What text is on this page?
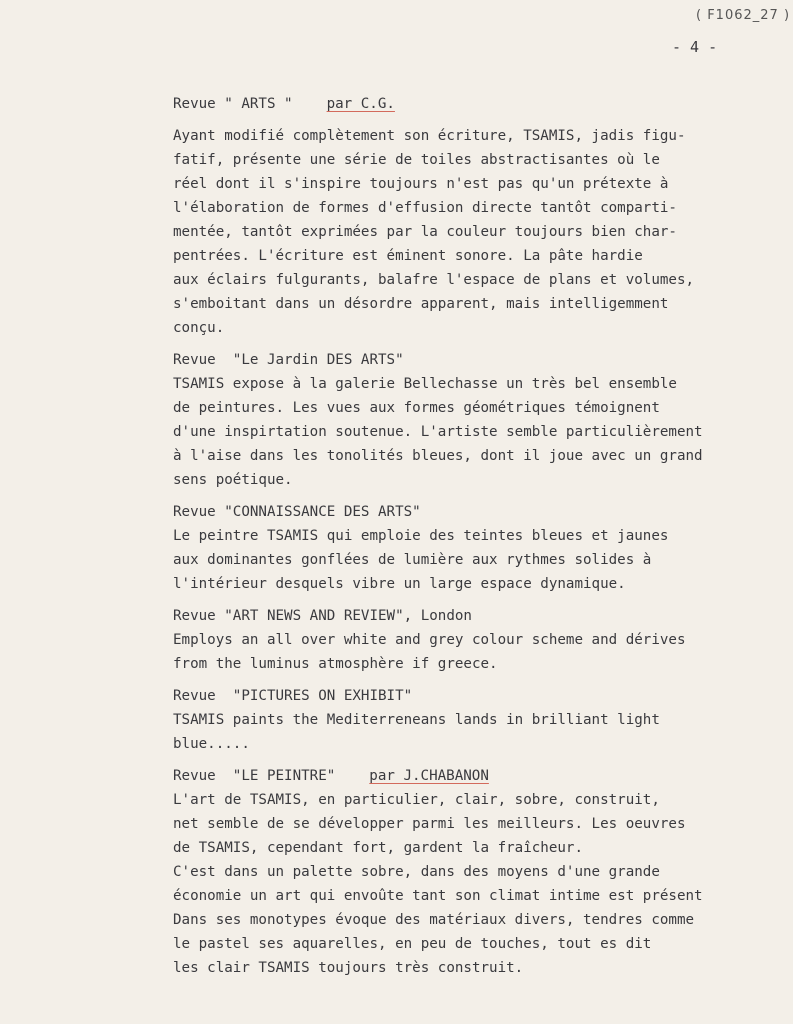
( F1062_27 )
- 4 -
Revue " ARTS " par C.G.
Ayant modifié complètement son écriture, TSAMIS, jadis figu-
fatif, présente une série de toiles abstractisantes où le
réel dont il s'inspire toujours n'est pas qu'un prétexte à
l'élaboration de formes d'effusion directe tantôt comparti-
mentée, tantôt exprimées par la couleur toujours bien char-
pentrées. L'écriture est éminent sonore. La pâte hardie
aux éclairs fulgurants, balafre l'espace de plans et volumes,
s'emboitant dans un désordre apparent, mais intelligemment
conçu.
Revue  "Le Jardin DES ARTS"
TSAMIS expose à la galerie Bellechasse un très bel ensemble
de peintures. Les vues aux formes géométriques témoignent
d'une inspirtation soutenue. L'artiste semble particulièrement
à l'aise dans les tonolités bleues, dont il joue avec un grand
sens poétique.
Revue "CONNAISSANCE DES ARTS"
Le peintre TSAMIS qui emploie des teintes bleues et jaunes
aux dominantes gonflées de lumière aux rythmes solides à
l'intérieur desquels vibre un large espace dynamique.
Revue "ART NEWS AND REVIEW", London
Employs an all over white and grey colour scheme and dérives
from the luminus atmosphère if greece.
Revue  "PICTURES ON EXHIBIT"
TSAMIS paints the Mediterreneans lands in brilliant light
blue.....
Revue  "LE PEINTRE" par J.CHABANON
L'art de TSAMIS, en particulier, clair, sobre, construit,
net semble de se développer parmi les meilleurs. Les oeuvres
de TSAMIS, cependant fort, gardent la fraîcheur.
C'est dans un palette sobre, dans des moyens d'une grande
économie un art qui envoûte tant son climat intime est présent
Dans ses monotypes évoque des matériaux divers, tendres comme
le pastel ses aquarelles, en peu de touches, tout es dit
les clair TSAMIS toujours très construit.
